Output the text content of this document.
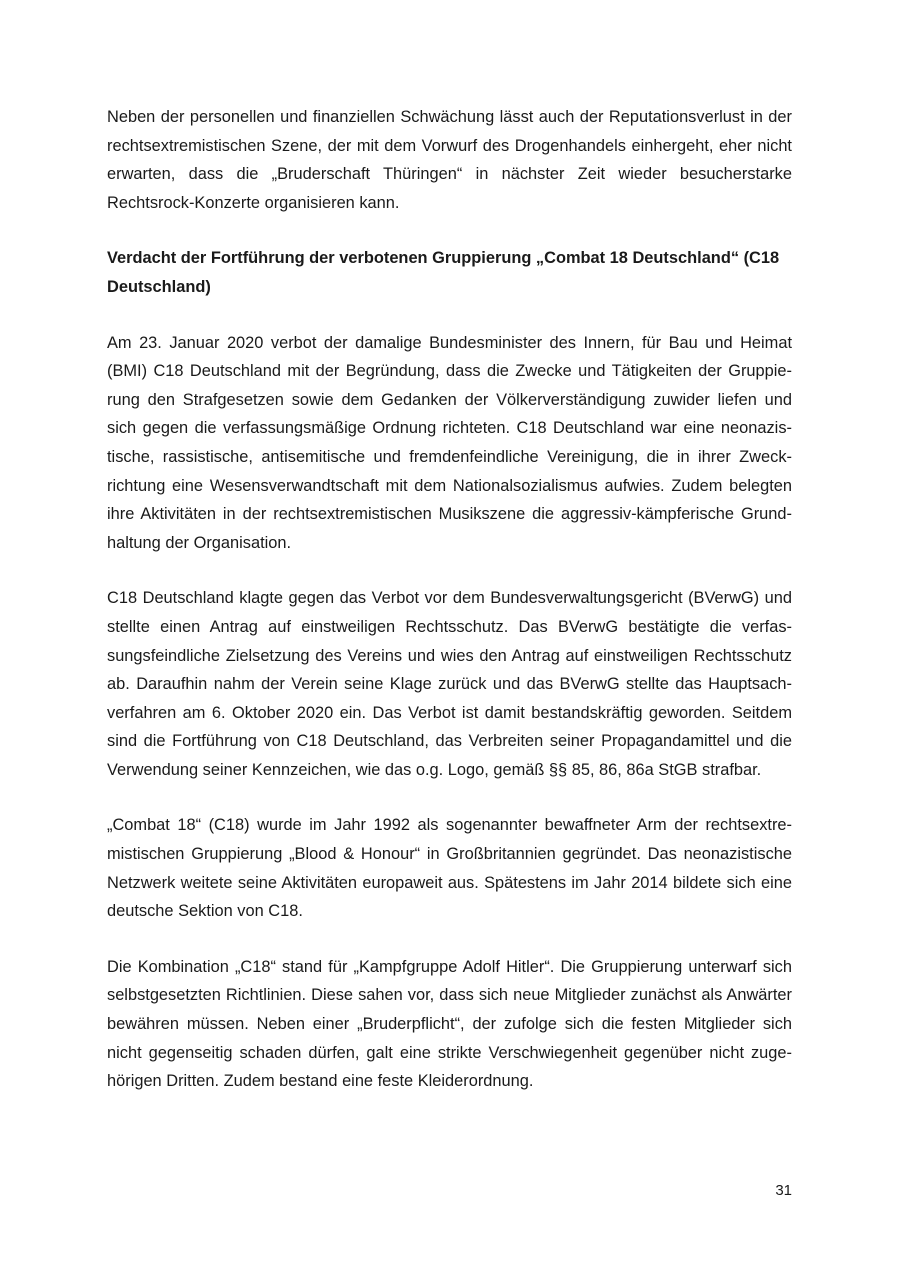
Neben der personellen und finanziellen Schwächung lässt auch der Reputationsverlust in der rechtsextremistischen Szene, der mit dem Vorwurf des Drogenhandels einhergeht, eher nicht erwarten, dass die „Bruderschaft Thüringen“ in nächster Zeit wieder besucherstarke Rechtsrock-Konzerte organisieren kann.

Verdacht der Fortführung der verbotenen Gruppierung „Combat 18 Deutschland“ (C18 Deutschland)

Am 23. Januar 2020 verbot der damalige Bundesminister des Innern, für Bau und Heimat (BMI) C18 Deutschland mit der Begründung, dass die Zwecke und Tätigkeiten der Gruppierung den Strafgesetzen sowie dem Gedanken der Völkerverständigung zuwider liefen und sich gegen die verfassungsmäßige Ordnung richteten. C18 Deutschland war eine neonazistische, rassistische, antisemitische und fremdenfeindliche Vereinigung, die in ihrer Zweckrichtung eine Wesensverwandtschaft mit dem Nationalsozialismus aufwies. Zudem belegten ihre Aktivitäten in der rechtsextremistischen Musikszene die aggressiv-kämpferische Grundhaltung der Organisation.

C18 Deutschland klagte gegen das Verbot vor dem Bundesverwaltungsgericht (BVerwG) und stellte einen Antrag auf einstweiligen Rechtsschutz. Das BVerwG bestätigte die verfassungsfeindliche Zielsetzung des Vereins und wies den Antrag auf einstweiligen Rechtsschutz ab. Daraufhin nahm der Verein seine Klage zurück und das BVerwG stellte das Hauptsachverfahren am 6. Oktober 2020 ein. Das Verbot ist damit bestandskräftig geworden. Seitdem sind die Fortführung von C18 Deutschland, das Verbreiten seiner Propagandamittel und die Verwendung seiner Kennzeichen, wie das o.g. Logo, gemäß §§ 85, 86, 86a StGB strafbar.

„Combat 18“ (C18) wurde im Jahr 1992 als sogenannter bewaffneter Arm der rechtsextremistischen Gruppierung „Blood & Honour“ in Großbritannien gegründet. Das neonazistische Netzwerk weitete seine Aktivitäten europaweit aus. Spätestens im Jahr 2014 bildete sich eine deutsche Sektion von C18.

Die Kombination „C18“ stand für „Kampfgruppe Adolf Hitler“. Die Gruppierung unterwarf sich selbstgesetzten Richtlinien. Diese sahen vor, dass sich neue Mitglieder zunächst als Anwärter bewähren müssen. Neben einer „Bruderpflicht“, der zufolge sich die festen Mitglieder sich nicht gegenseitig schaden dürfen, galt eine strikte Verschwiegenheit gegenüber nicht zugehörigen Dritten. Zudem bestand eine feste Kleiderordnung.

31
